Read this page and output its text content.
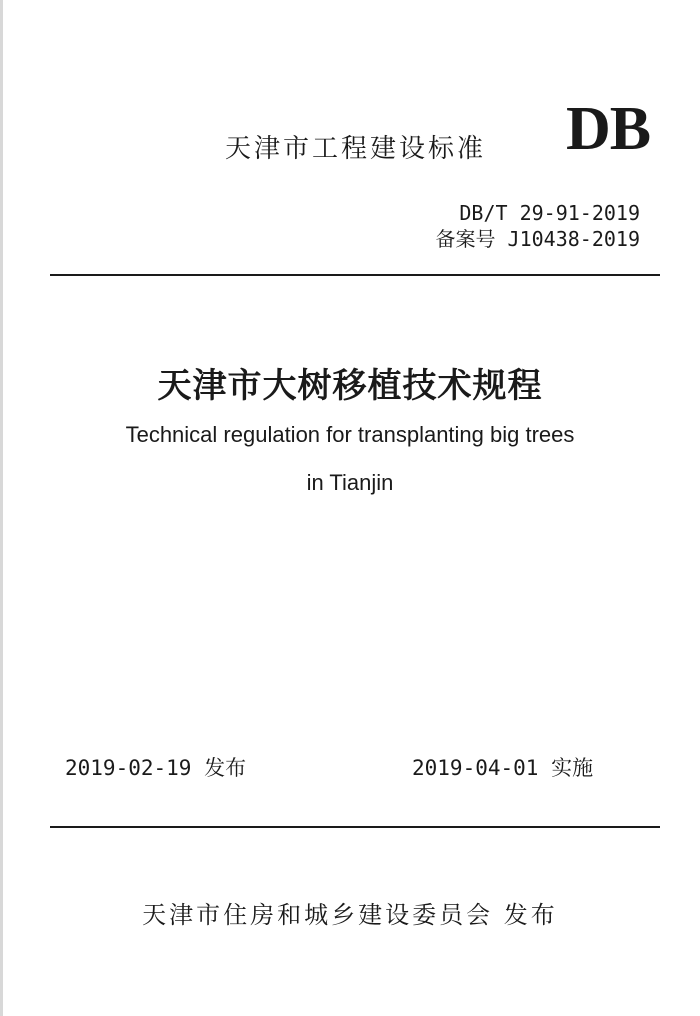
天津市工程建设标准 DB
DB/T 29-91-2019
备案号 J10438-2019
天津市大树移植技术规程
Technical regulation for transplanting big trees
in Tianjin
2019-02-19 发布	2019-04-01 实施
天津市住房和城乡建设委员会 发布
